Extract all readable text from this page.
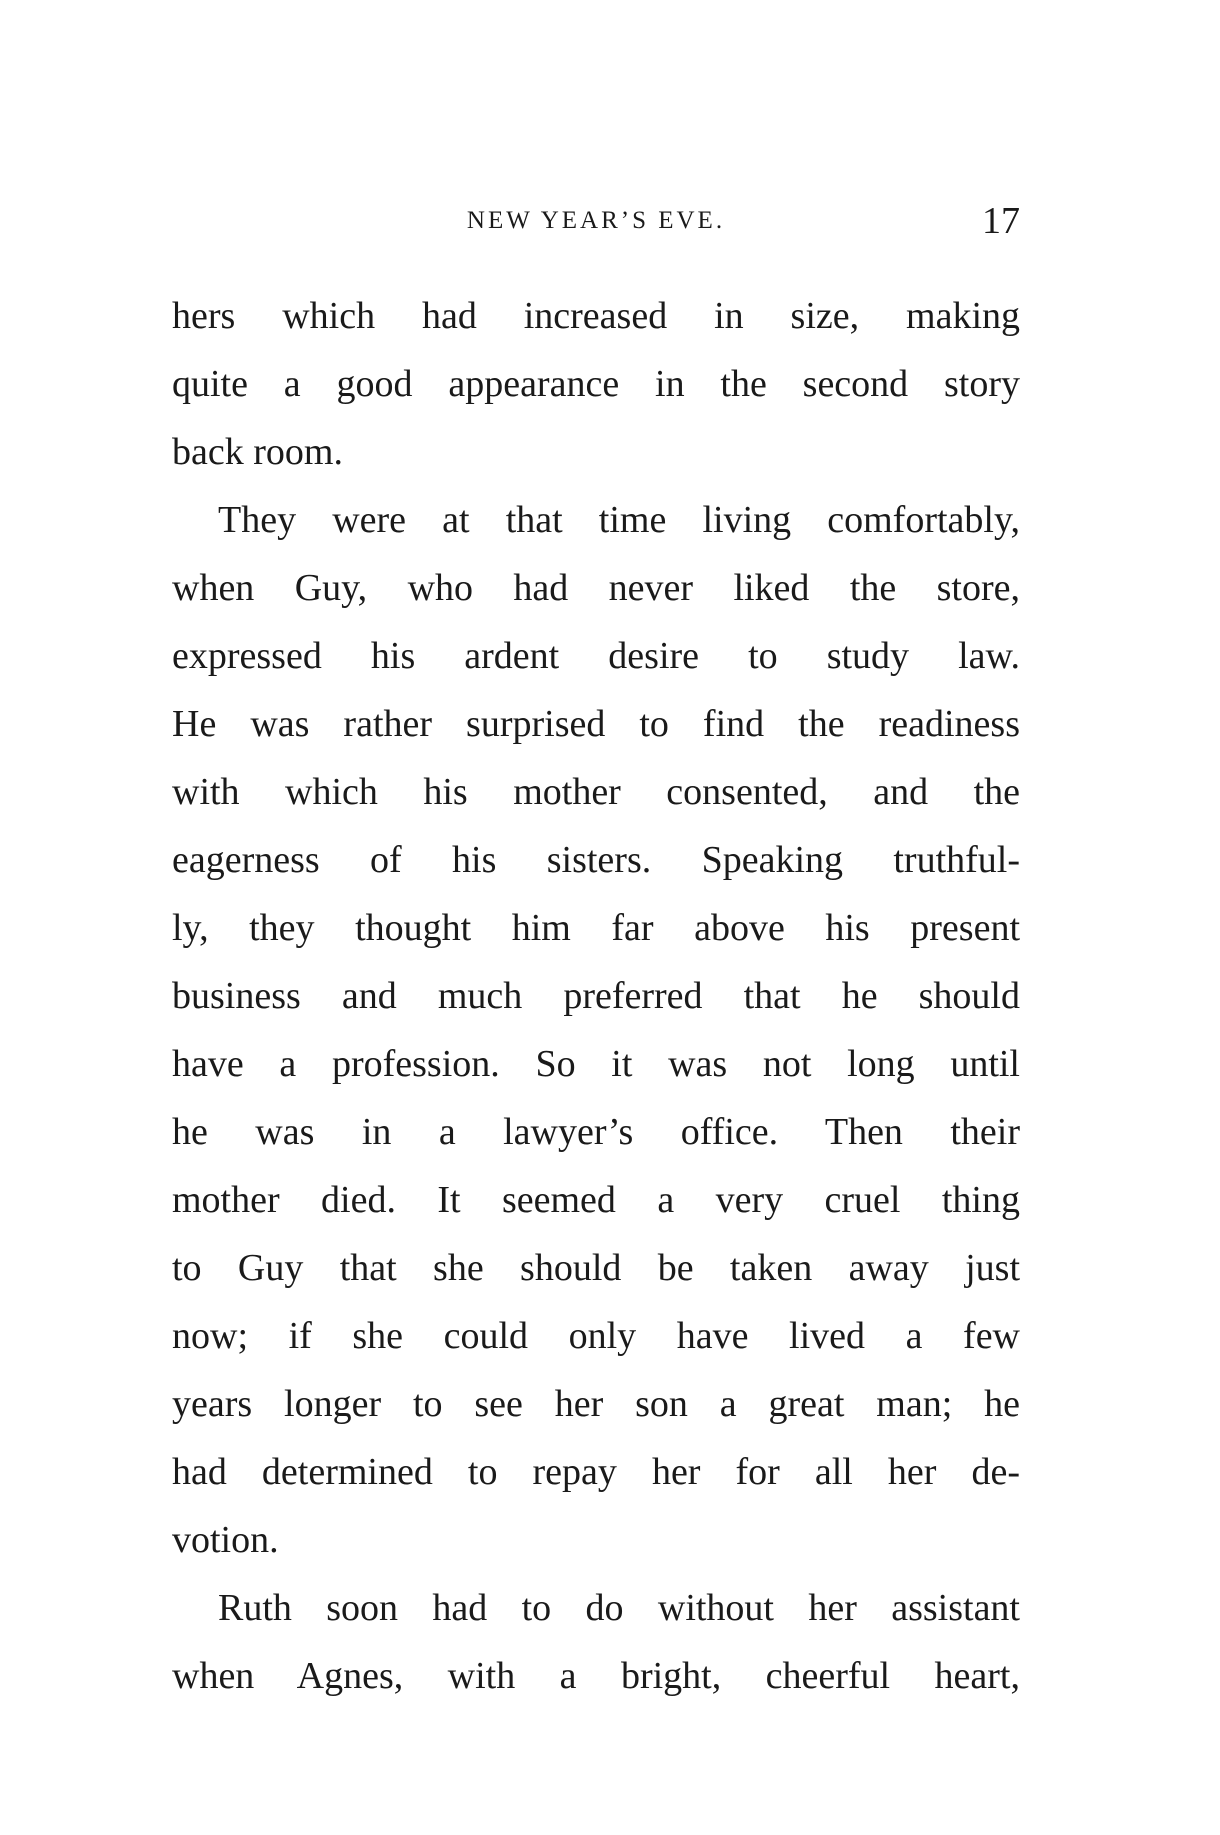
NEW YEAR’S EVE.	17
hers which had increased in size, making
quite a good appearance in the second story
back room.
They were at that time living comfortably,
when Guy, who had never liked the store,
expressed his ardent desire to study law.
He was rather surprised to find the readiness
with which his mother consented, and the
eagerness of his sisters. Speaking truthful-
ly, they thought him far above his present
business and much preferred that he should
have a profession. So it was not long until
he was in a lawyer’s office. Then their
mother died. It seemed a very cruel thing
to Guy that she should be taken away just
now; if she could only have lived a few
years longer to see her son a great man; he
had determined to repay her for all her de-
votion.
Ruth soon had to do without her assistant
when Agnes, with a bright, cheerful heart,
